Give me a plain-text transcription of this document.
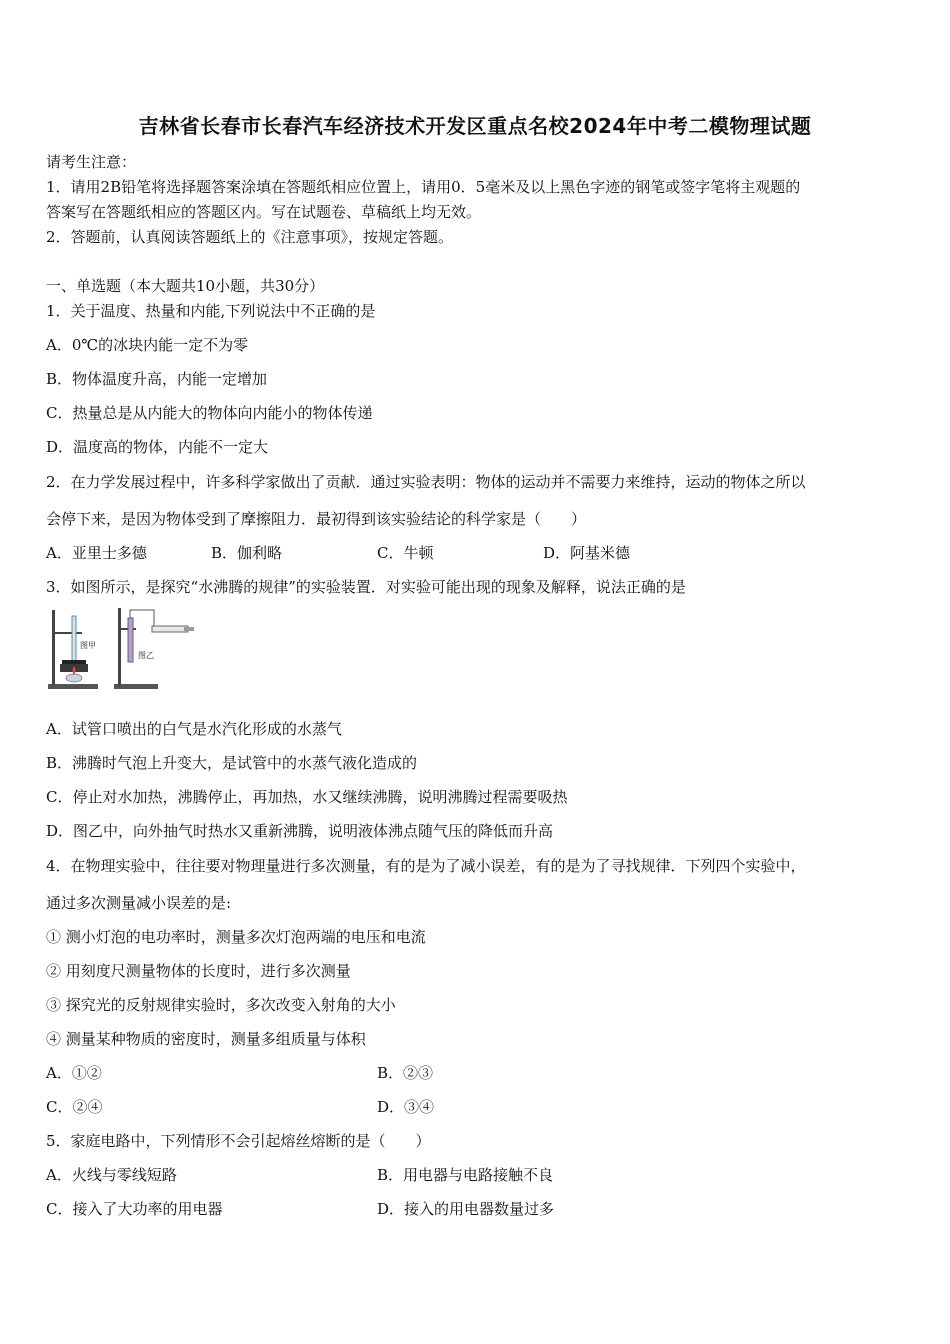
吉林省长春市长春汽车经济技术开发区重点名校2024年中考二模物理试题
请考生注意：
1．请用2B铅笔将选择题答案涂填在答题纸相应位置上，请用0．5毫米及以上黑色字迹的钢笔或签字笔将主观题的
答案写在答题纸相应的答题区内。写在试题卷、草稿纸上均无效。
2．答题前，认真阅读答题纸上的《注意事项》，按规定答题。
一、单选题（本大题共10小题，共30分）
1．关于温度、热量和内能,下列说法中不正确的是
A．0℃的冰块内能一定不为零
B．物体温度升高，内能一定增加
C．热量总是从内能大的物体向内能小的物体传递
D．温度高的物体，内能不一定大
2．在力学发展过程中，许多科学家做出了贡献．通过实验表明：物体的运动并不需要力来维持，运动的物体之所以
会停下来，是因为物体受到了摩擦阻力．最初得到该实验结论的科学家是（　　）
A．亚里士多德	B．伽利略	C．牛顿	D．阿基米德
3．如图所示，是探究“水沸腾的规律”的实验装置．对实验可能出现的现象及解释，说法正确的是
图甲
图乙
A．试管口喷出的白气是水汽化形成的水蒸气
B．沸腾时气泡上升变大，是试管中的水蒸气液化造成的
C．停止对水加热，沸腾停止，再加热，水又继续沸腾，说明沸腾过程需要吸热
D．图乙中，向外抽气时热水又重新沸腾，说明液体沸点随气压的降低而升高
4．在物理实验中，往往要对物理量进行多次测量，有的是为了减小误差，有的是为了寻找规律．下列四个实验中，
通过多次测量减小误差的是:
① 测小灯泡的电功率时，测量多次灯泡两端的电压和电流
② 用刻度尺测量物体的长度时，进行多次测量
③ 探究光的反射规律实验时，多次改变入射角的大小
④ 测量某种物质的密度时，测量多组质量与体积
A．①②	B．②③
C．②④	D．③④
5．家庭电路中，下列情形不会引起熔丝熔断的是（　　）
A．火线与零线短路	B．用电器与电路接触不良
C．接入了大功率的用电器	D．接入的用电器数量过多
